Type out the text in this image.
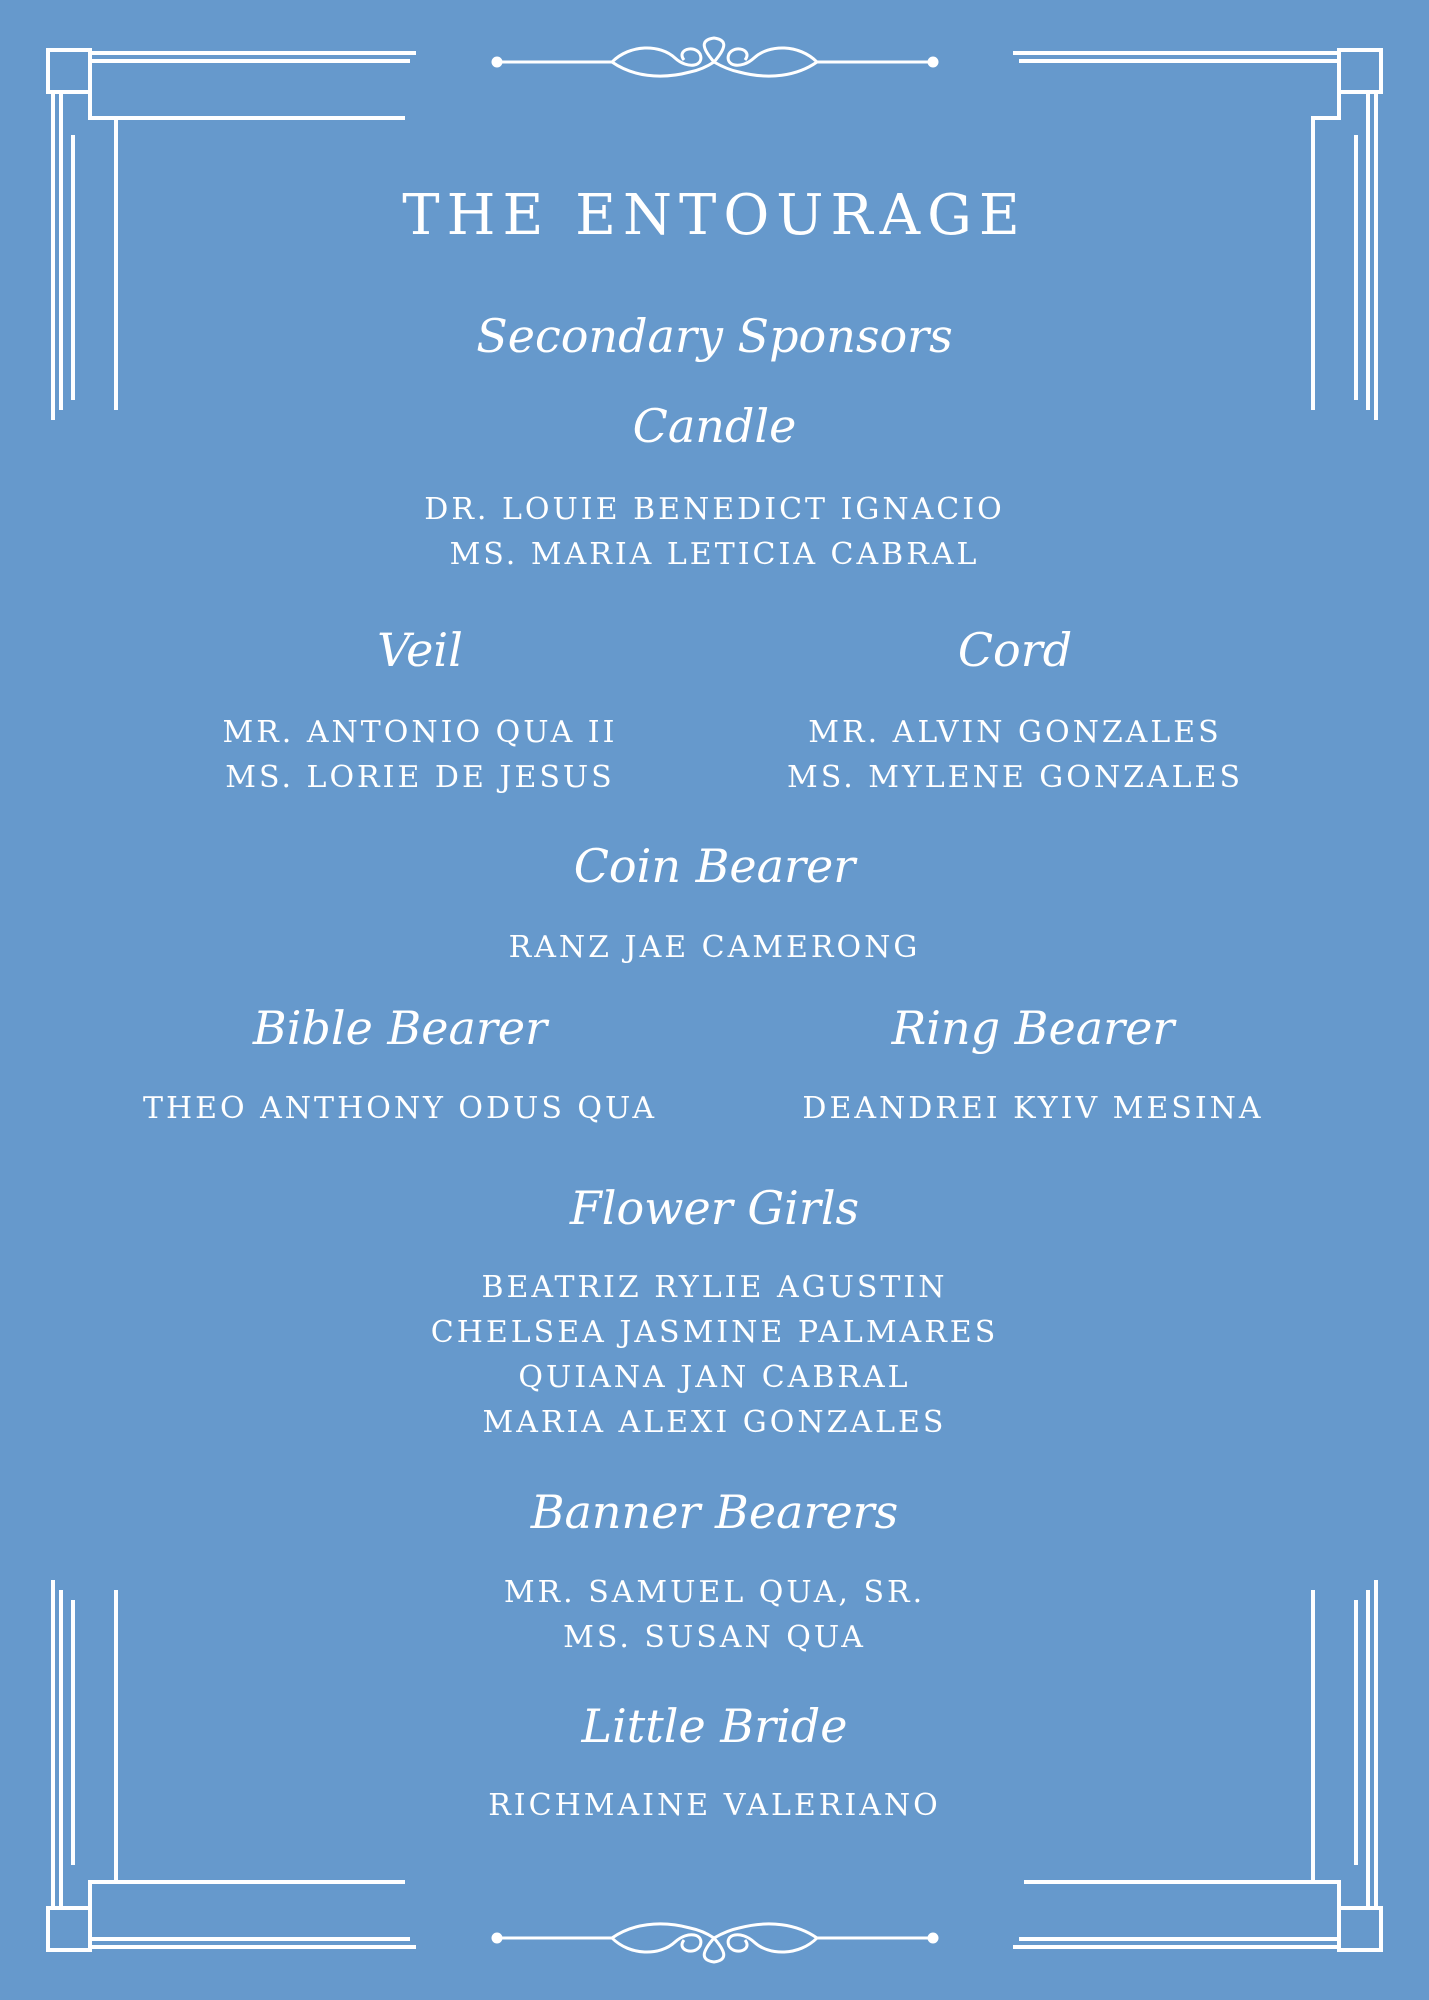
THE ENTOURAGE
Secondary Sponsors
Candle
DR. LOUIE BENEDICT IGNACIO
MS. MARIA LETICIA CABRAL
Veil
MR. ANTONIO QUA II
MS. LORIE DE JESUS
Cord
MR. ALVIN GONZALES
MS. MYLENE GONZALES
Coin Bearer
RANZ JAE CAMERONG
Bible Bearer
THEO ANTHONY ODUS QUA
Ring Bearer
DEANDREI KYIV MESINA
Flower Girls
BEATRIZ RYLIE AGUSTIN
CHELSEA JASMINE PALMARES
QUIANA JAN CABRAL
MARIA ALEXI GONZALES
Banner Bearers
MR. SAMUEL QUA, SR.
MS. SUSAN QUA
Little Bride
RICHMAINE VALERIANO
